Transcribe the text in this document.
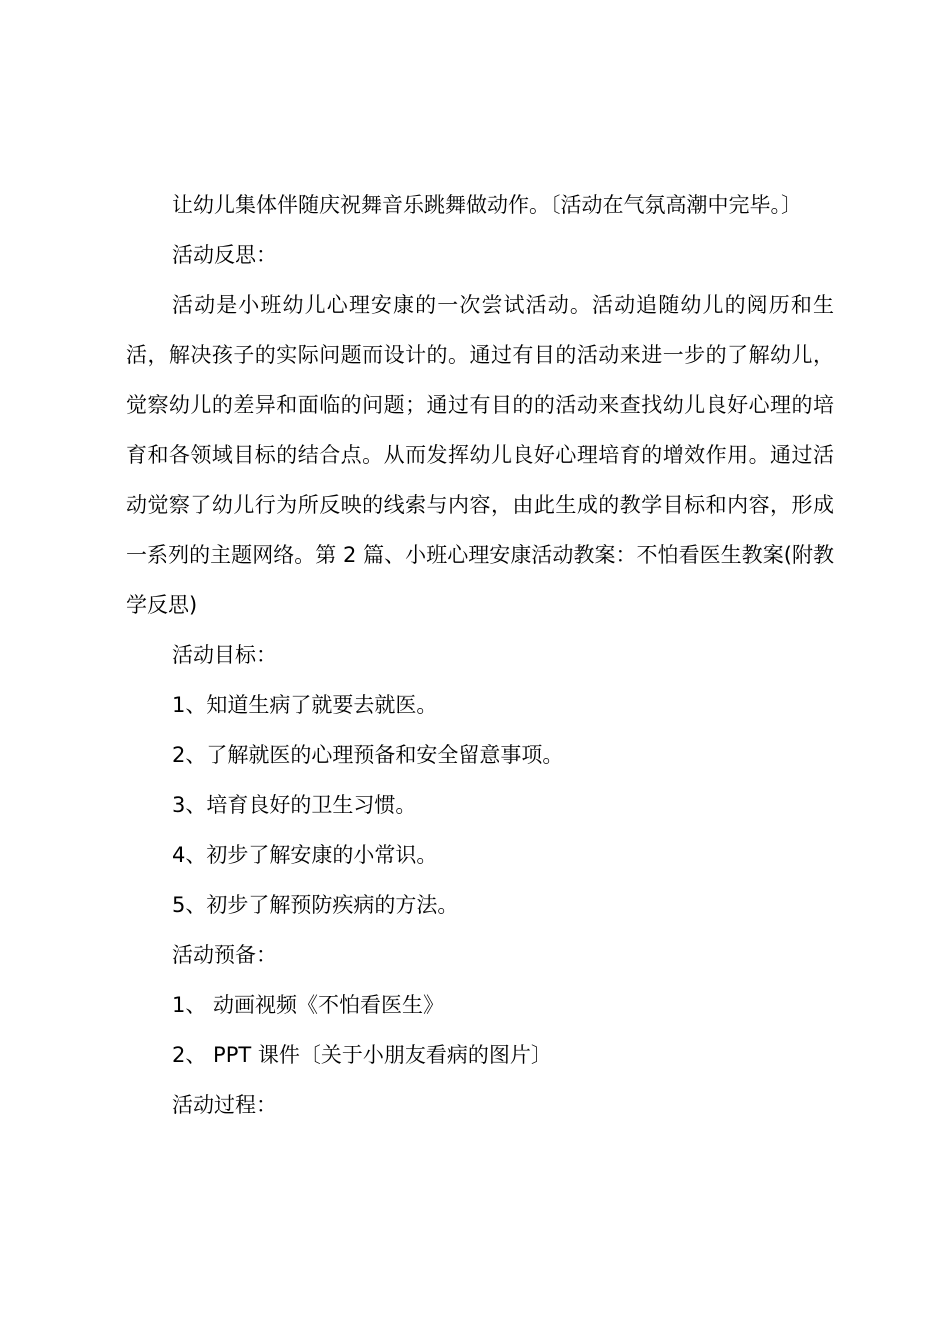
让幼儿集体伴随庆祝舞音乐跳舞做动作。〔活动在气氛高潮中完毕。〕

活动反思：

活动是小班幼儿心理安康的一次尝试活动。活动追随幼儿的阅历和生活，解决孩子的实际问题而设计的。通过有目的活动来进一步的了解幼儿，觉察幼儿的差异和面临的问题；通过有目的的活动来查找幼儿良好心理的培育和各领域目标的结合点。从而发挥幼儿良好心理培育的增效作用。通过活动觉察了幼儿行为所反映的线索与内容，由此生成的教学目标和内容，形成一系列的主题网络。第 2 篇、小班心理安康活动教案：不怕看医生教案(附教学反思)

活动目标：

1、知道生病了就要去就医。

2、了解就医的心理预备和安全留意事项。

3、培育良好的卫生习惯。

4、初步了解安康的小常识。

5、初步了解预防疾病的方法。

活动预备：

1、 动画视频《不怕看医生》

2、 PPT 课件〔关于小朋友看病的图片〕

活动过程：
